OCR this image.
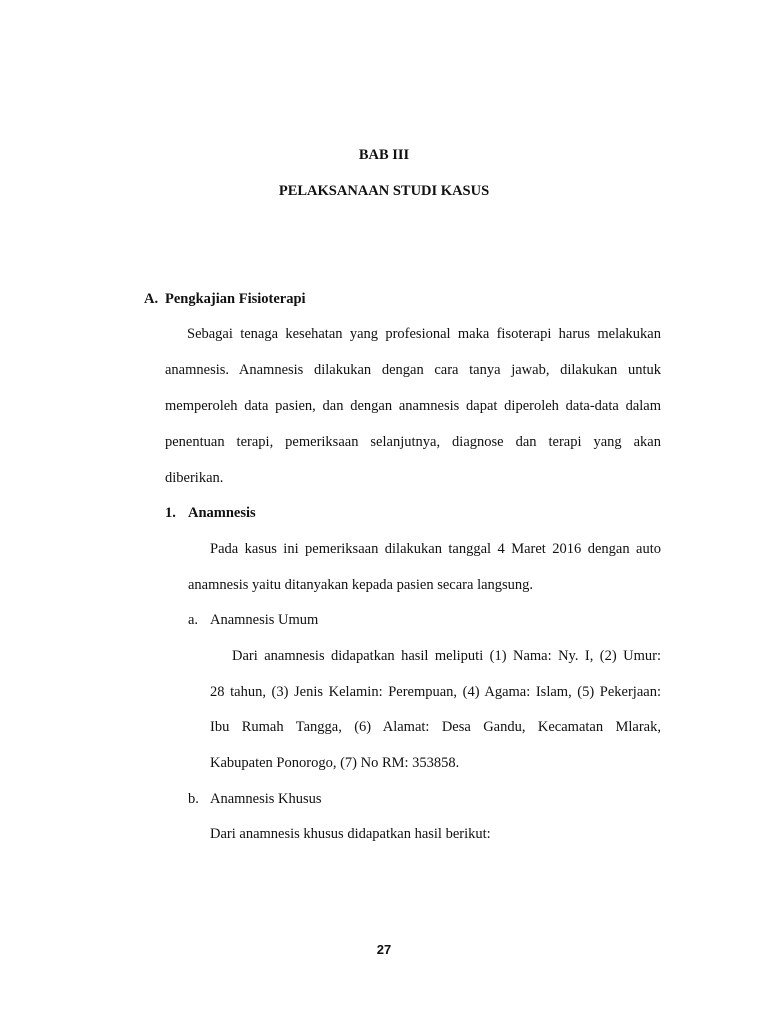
BAB III

PELAKSANAAN STUDI KASUS

A. Pengkajian Fisioterapi

Sebagai tenaga kesehatan yang profesional maka fisoterapi harus melakukan

anamnesis. Anamnesis dilakukan dengan cara tanya jawab, dilakukan untuk

memperoleh data pasien, dan dengan anamnesis dapat diperoleh data-data dalam

penentuan terapi, pemeriksaan selanjutnya, diagnose dan terapi yang akan

diberikan.

1. Anamnesis

Pada kasus ini pemeriksaan dilakukan tanggal 4 Maret 2016 dengan auto

anamnesis yaitu ditanyakan kepada pasien secara langsung.

a. Anamnesis Umum

Dari anamnesis didapatkan hasil meliputi (1) Nama: Ny. I, (2) Umur:

28 tahun, (3) Jenis Kelamin: Perempuan, (4) Agama: Islam, (5) Pekerjaan:

Ibu Rumah Tangga, (6) Alamat: Desa Gandu, Kecamatan Mlarak,

Kabupaten Ponorogo, (7) No RM: 353858.

b. Anamnesis Khusus

Dari anamnesis khusus didapatkan hasil berikut:

27
